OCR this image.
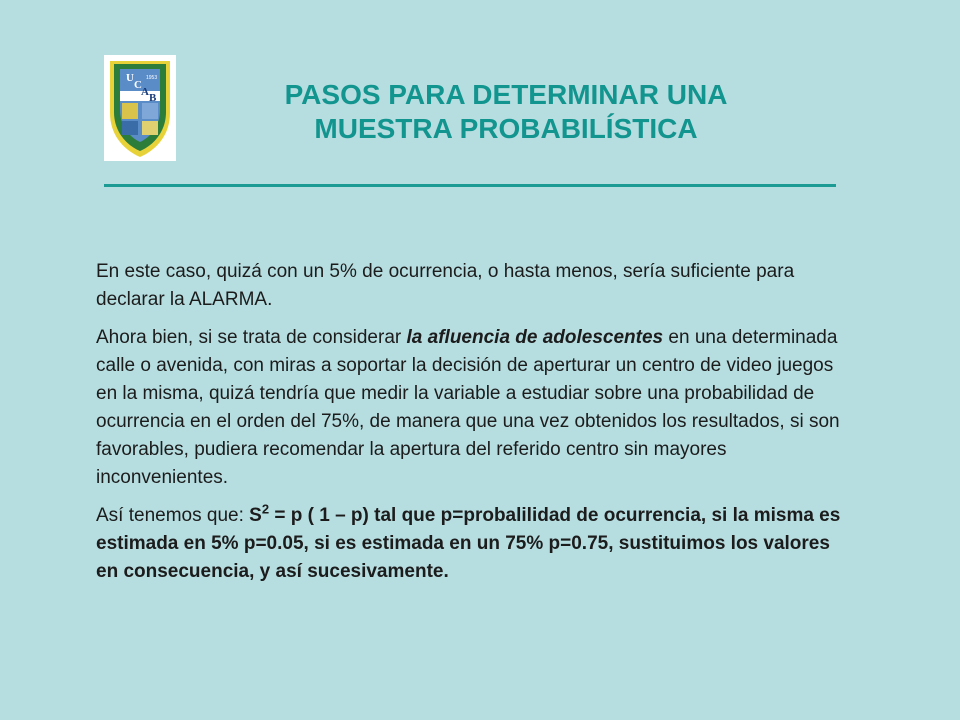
U
C
A B
1953
PASOS PARA DETERMINAR UNA
MUESTRA PROBABILÍSTICA

En este caso, quizá con un 5% de ocurrencia, o hasta menos, sería suficiente para declarar la ALARMA.

Ahora bien, si se trata de considerar la afluencia de adolescentes en una determinada calle o avenida, con miras a soportar la decisión de aperturar un centro de video juegos en la misma, quizá tendría que medir la variable a estudiar sobre una probabilidad de ocurrencia en el orden del 75%, de manera que una vez obtenidos los resultados, si son favorables, pudiera recomendar la apertura del referido centro sin mayores inconvenientes.

Así tenemos que: $S^2 = p$ ( 1 – p) tal que p=probalilidad de ocurrencia, si la misma es estimada en 5% p=0.05, si es estimada en un 75% p=0.75, sustituimos los valores en consecuencia, y así sucesivamente.
